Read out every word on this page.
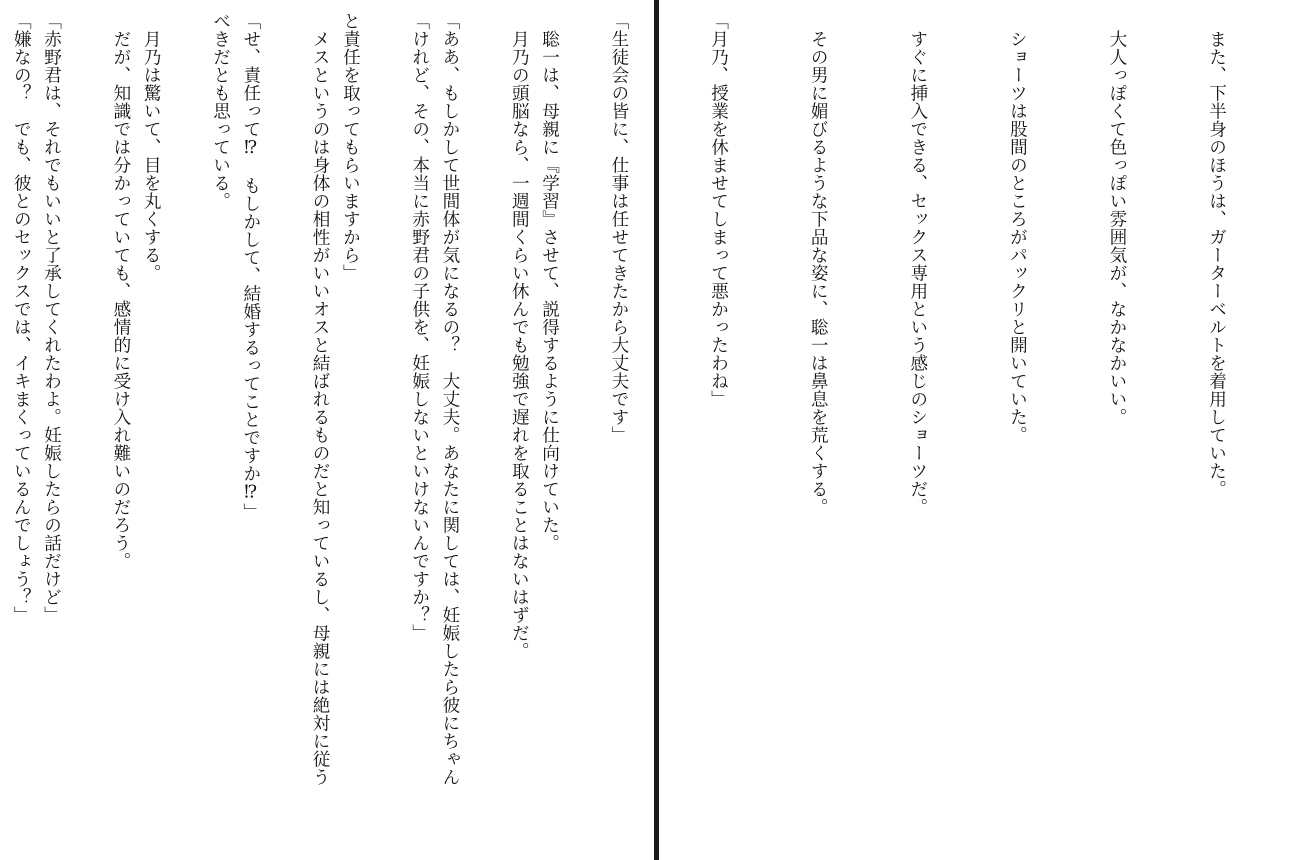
　聡一は、母親に『学習』させて、説得するように仕向けていた。

「ああ、もしかして世間体が気になるの？　大丈夫。あなたに関しては、妊娠したら彼にちゃん

と責任を取ってもらいますから」

「せ、責任って⁉　もしかして、結婚するってことですか⁉」

　月乃は驚いて、目を丸くする。

「赤野君は、それでもいいと了承してくれたわよ。妊娠したらの話だけど」

	　また、下半身のほうは、ガーターベルトを着用していた。

　大人っぽくて色っぽい雰囲気が、なかなかいい。

　ショーツは股間のところがパックリと開いていた。

　すぐに挿入できる、セックス専用という感じのショーツだ。

　その男に媚びるような下品な姿に、聡一は鼻息を荒くする。

「月乃、授業を休ませてしまって悪かったわね」

「生徒会の皆に、仕事は任せてきたから大丈夫です」

　月乃の頭脳なら、一週間くらい休んでも勉強で遅れを取ることはないはずだ。

「けれど、その、本当に赤野君の子供を、妊娠しないといけないんですか？」

　メスというのは身体の相性がいいオスと結ばれるものだと知っているし、母親には絶対に従う

べきだとも思っている。

　だが、知識では分かっていても、感情的に受け入れ難いのだろう。

「嫌なの？　でも、彼とのセックスでは、イキまくっているんでしょう？」
